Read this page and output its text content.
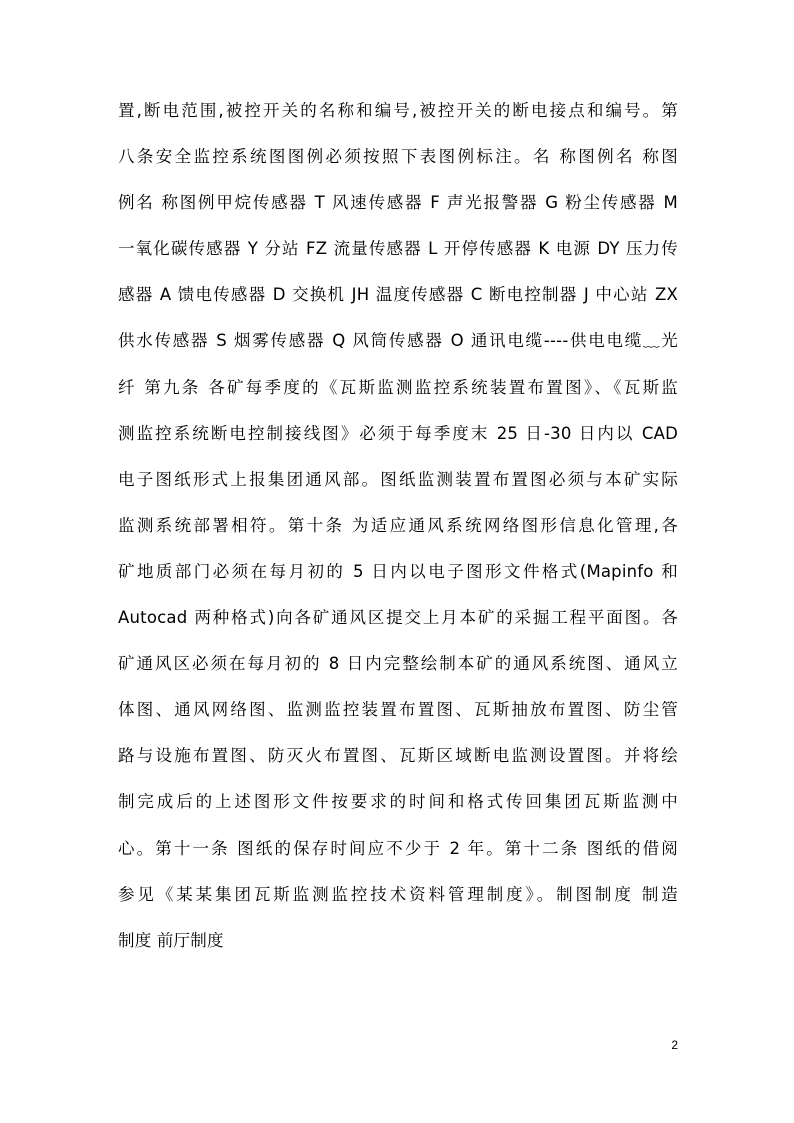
置,断电范围,被控开关的名称和编号,被控开关的断电接点和编号。第
八条安全监控系统图图例必须按照下表图例标注。名 称图例名 称图
例名 称图例甲烷传感器 T 风速传感器 F 声光报警器 G 粉尘传感器 M
一氧化碳传感器 Y 分站 FZ 流量传感器 L 开停传感器 K 电源 DY 压力传
感器 A 馈电传感器 D 交换机 JH 温度传感器 C 断电控制器 J 中心站 ZX
供水传感器 S 烟雾传感器 Q 风筒传感器 O 通讯电缆----供电电缆﹏光
纤 第九条 各矿每季度的《瓦斯监测监控系统装置布置图》、《瓦斯监
测监控系统断电控制接线图》必须于每季度末 25 日-30 日内以 CAD
电子图纸形式上报集团通风部。图纸监测装置布置图必须与本矿实际
监测系统部署相符。第十条 为适应通风系统网络图形信息化管理,各
矿地质部门必须在每月初的 5 日内以电子图形文件格式(Mapinfo 和
Autocad 两种格式)向各矿通风区提交上月本矿的采掘工程平面图。各
矿通风区必须在每月初的 8 日内完整绘制本矿的通风系统图、通风立
体图、通风网络图、监测监控装置布置图、瓦斯抽放布置图、防尘管
路与设施布置图、防灭火布置图、瓦斯区域断电监测设置图。并将绘
制完成后的上述图形文件按要求的时间和格式传回集团瓦斯监测中
心。第十一条 图纸的保存时间应不少于 2 年。第十二条 图纸的借阅
参见《某某集团瓦斯监测监控技术资料管理制度》。制图制度 制造
制度 前厅制度
2
